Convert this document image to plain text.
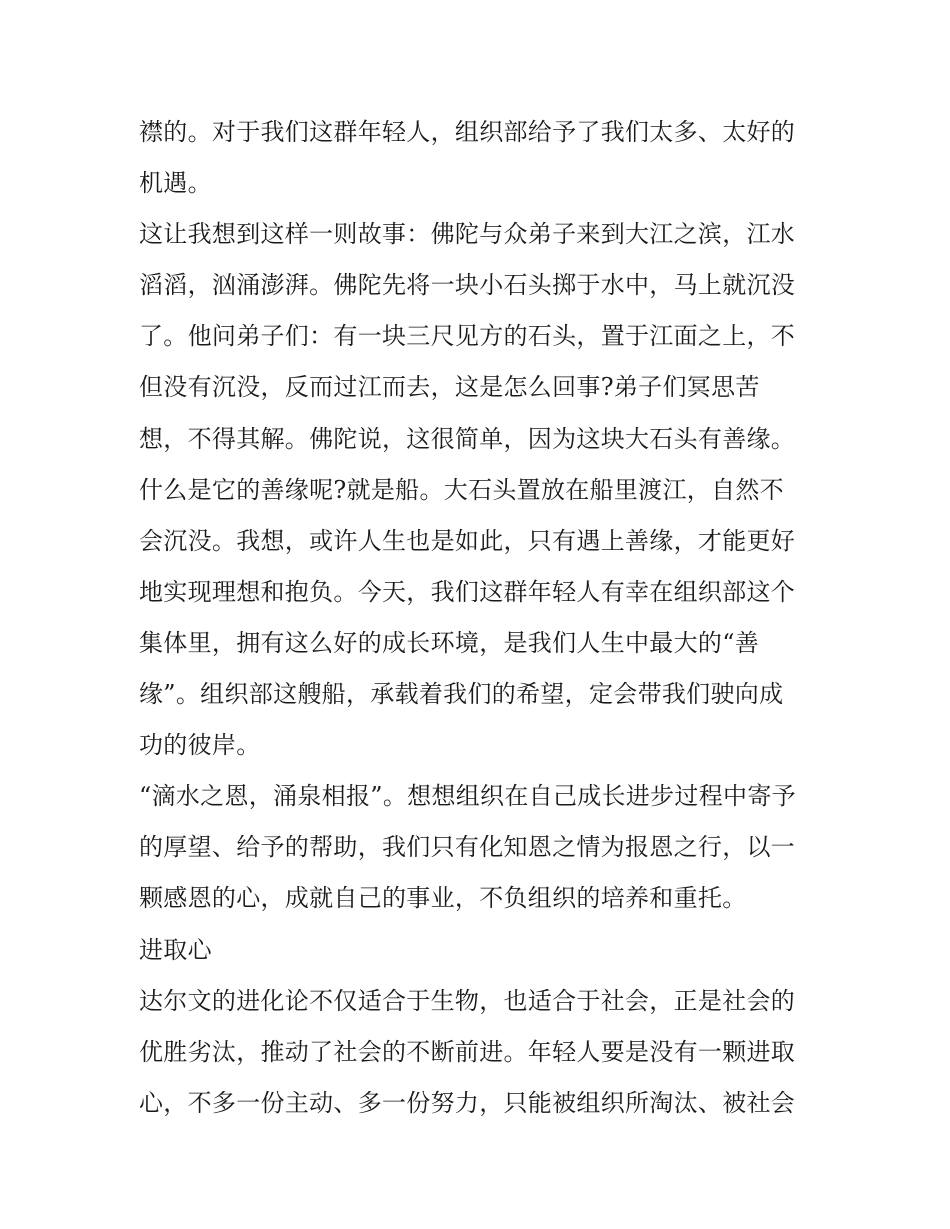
襟的。对于我们这群年轻人，组织部给予了我们太多、太好的
机遇。
这让我想到这样一则故事：佛陀与众弟子来到大江之滨，江水
滔滔，汹涌澎湃。佛陀先将一块小石头掷于水中，马上就沉没
了。他问弟子们：有一块三尺见方的石头，置于江面之上，不
但没有沉没，反而过江而去，这是怎么回事?弟子们冥思苦
想，不得其解。佛陀说，这很简单，因为这块大石头有善缘。
什么是它的善缘呢?就是船。大石头置放在船里渡江，自然不
会沉没。我想，或许人生也是如此，只有遇上善缘，才能更好
地实现理想和抱负。今天，我们这群年轻人有幸在组织部这个
集体里，拥有这么好的成长环境，是我们人生中最大的“善
缘”。组织部这艘船，承载着我们的希望，定会带我们驶向成
功的彼岸。
“滴水之恩，涌泉相报”。想想组织在自己成长进步过程中寄予
的厚望、给予的帮助，我们只有化知恩之情为报恩之行，以一
颗感恩的心，成就自己的事业，不负组织的培养和重托。
进取心
达尔文的进化论不仅适合于生物，也适合于社会，正是社会的
优胜劣汰，推动了社会的不断前进。年轻人要是没有一颗进取
心，不多一份主动、多一份努力，只能被组织所淘汰、被社会
